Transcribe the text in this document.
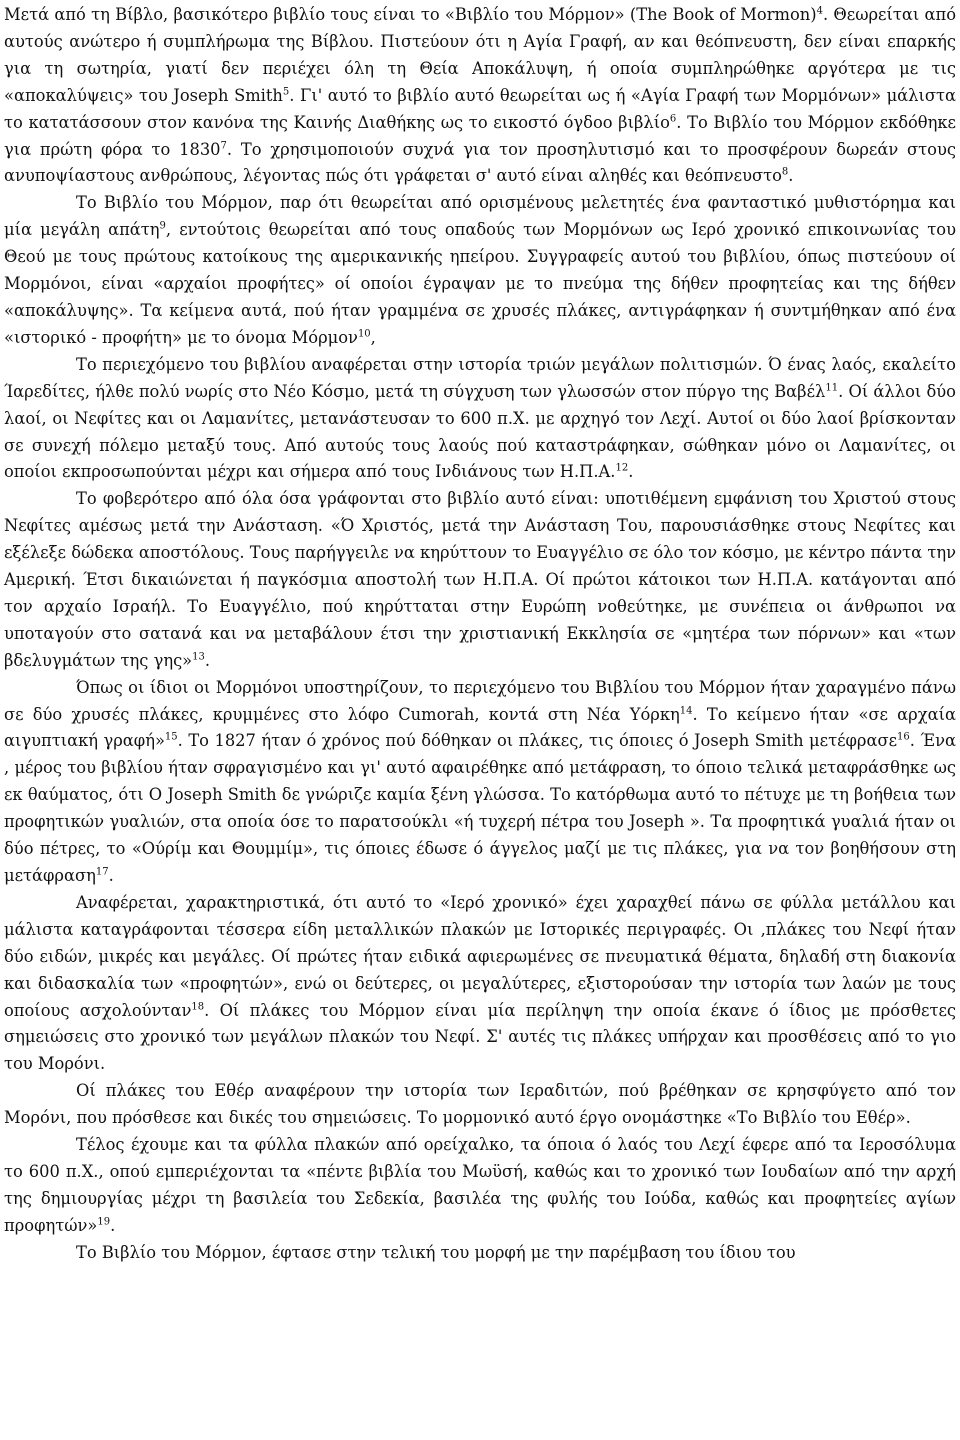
Μετά από τη Βίβλο, βασικότερο βιβλίο τους είναι το «Βιβλίο του Μόρμον» (The Book of Mormon)$^4$. Θεωρείται από αυτούς ανώτερο ή συμπλήρωμα της Βίβλου. Πιστεύουν ότι η Αγία Γραφή, αν και θεόπνευστη, δεν είναι επαρκής για τη σωτηρία, γιατί δεν περιέχει όλη τη Θεία Αποκάλυψη, ή οποία συμπληρώθηκε αργότερα με τις «αποκαλύψεις» του Joseph Smith$^5$. Γι' αυτό το βιβλίο αυτό θεωρείται ως ή «Αγία Γραφή των Μορμόνων» μάλιστα το κατατάσσουν στον κανόνα της Καινής Διαθήκης ως το εικοστό όγδοο βιβλίο$^6$. Το Βιβλίο του Μόρμον εκδόθηκε για πρώτη φόρα το 1830$^7$. Το χρησιμοποιούν συχνά για τον προσηλυτισμό και το προσφέρουν δωρεάν στους ανυποψίαστους ανθρώπους, λέγοντας πώς ότι γράφεται σ' αυτό είναι αληθές και θεόπνευστο$^8$.

Το Βιβλίο του Μόρμον, παρ ότι θεωρείται από ορισμένους μελετητές ένα φανταστικό μυθιστόρημα και μία μεγάλη απάτη$^9$, εντούτοις θεωρείται από τους οπαδούς των Μορμόνων ως Ιερό χρονικό επικοινωνίας του Θεού με τους πρώτους κατοίκους της αμερικανικής ηπείρου. Συγγραφείς αυτού του βιβλίου, όπως πιστεύουν οί Μορμόνοι, είναι «αρχαίοι προφήτες» οί οποίοι έγραψαν με το πνεύμα της δήθεν προφητείας και της δήθεν «αποκάλυψης». Τα κείμενα αυτά, πού ήταν γραμμένα σε χρυσές πλάκες, αντιγράφηκαν ή συντμήθηκαν από ένα «ιστορικό - προφήτη» με το όνομα Μόρμον$^{10}$,

Το περιεχόμενο του βιβλίου αναφέρεται στην ιστορία τριών μεγάλων πολιτισμών. Ό ένας λαός, εκαλείτο Ίαρεδίτες, ήλθε πολύ νωρίς στο Νέο Κόσμο, μετά τη σύγχυση των γλωσσών στον πύργο της Βαβέλ$^{11}$. Οί άλλοι δύο λαοί, οι Νεφίτες και οι Λαμανίτες, μετανάστευσαν το 600 π.Χ. με αρχηγό τον Λεχί. Αυτοί οι δύο λαοί βρίσκονταν σε συνεχή πόλεμο μεταξύ τους. Από αυτούς τους λαούς πού καταστράφηκαν, σώθηκαν μόνο οι Λαμανίτες, οι οποίοι εκπροσωπούνται μέχρι και σήμερα από τους Ινδιάνους των Η.Π.Α.$^{12}$.

Το φοβερότερο από όλα όσα γράφονται στο βιβλίο αυτό είναι: υποτιθέμενη εμφάνιση του Χριστού στους Νεφίτες αμέσως μετά την Ανάσταση. «Ό Χριστός, μετά την Ανάσταση Του, παρουσιάσθηκε στους Νεφίτες και εξέλεξε δώδεκα αποστόλους. Τους παρήγγειλε να κηρύττουν το Ευαγγέλιο σε όλο τον κόσμο, με κέντρο πάντα την Αμερική. Έτσι δικαιώνεται ή παγκόσμια αποστολή των Η.Π.Α. Οί πρώτοι κάτοικοι των Η.Π.Α. κατάγονται από τον αρχαίο Ισραήλ. Το Ευαγγέλιο, πού κηρύτταται στην Ευρώπη νοθεύτηκε, με συνέπεια οι άνθρωποι να υποταγούν στο σατανά και να μεταβάλουν έτσι την χριστιανική Εκκλησία σε «μητέρα των πόρνων» και «των βδελυγμάτων της γης»$^{13}$.

Όπως οι ίδιοι οι Μορμόνοι υποστηρίζουν, το περιεχόμενο του Βιβλίου του Μόρμον ήταν χαραγμένο πάνω σε δύο χρυσές πλάκες, κρυμμένες στο λόφο Cumorah, κοντά στη Νέα Υόρκη$^{14}$. Το κείμενο ήταν «σε αρχαία αιγυπτιακή γραφή»$^{15}$. Το 1827 ήταν ό χρόνος πού δόθηκαν οι πλάκες, τις όποιες ό Joseph Smith μετέφρασε$^{16}$. Ένα , μέρος του βιβλίου ήταν σφραγισμένο και γι' αυτό αφαιρέθηκε από μετάφραση, το όποιο τελικά μεταφράσθηκε ως εκ θαύματος, ότι O Joseph Smith δε γνώριζε καμία ξένη γλώσσα. Το κατόρθωμα αυτό το πέτυχε με τη βοήθεια των προφητικών γυαλιών, στα οποία όσε το παρατσούκλι «ή τυχερή πέτρα του Joseph ». Τα προφητικά γυαλιά ήταν οι δύο πέτρες, το «Ούρίμ και Θουμμίμ», τις όποιες έδωσε ό άγγελος μαζί με τις πλάκες, για να τον βοηθήσουν στη μετάφραση$^{17}$.

Αναφέρεται, χαρακτηριστικά, ότι αυτό το «Ιερό χρονικό» έχει χαραχθεί πάνω σε φύλλα μετάλλου και μάλιστα καταγράφονται τέσσερα είδη μεταλλικών πλακών με Ιστορικές περιγραφές. Οι ,πλάκες του Νεφί ήταν δύο ειδών, μικρές και μεγάλες. Οί πρώτες ήταν ειδικά αφιερωμένες σε πνευματικά θέματα, δηλαδή στη διακονία και διδασκαλία των «προφητών», ενώ οι δεύτερες, οι μεγαλύτερες, εξιστορούσαν την ιστορία των λαών με τους οποίους ασχολούνταν$^{18}$. Οί πλάκες του Μόρμον είναι μία περίληψη την οποία έκανε ό ίδιος με πρόσθετες σημειώσεις στο χρονικό των μεγάλων πλακών του Νεφί. Σ' αυτές τις πλάκες υπήρχαν και προσθέσεις από το γιο του Μορόνι.

Οί πλάκες του Εθέρ αναφέρουν την ιστορία των Ιεραδιτών, πού βρέθηκαν σε κρησφύγετο από τον Μορόνι, που πρόσθεσε και δικές του σημειώσεις. Το μορμονικό αυτό έργο ονομάστηκε «Το Βιβλίο του Εθέρ».

Τέλος έχουμε και τα φύλλα πλακών από ορείχαλκο, τα όποια ό λαός του Λεχί έφερε από τα Ιεροσόλυμα το 600 π.Χ., οπού εμπεριέχονται τα «πέντε βιβλία του Μωϋσή, καθώς και το χρονικό των Ιουδαίων από την αρχή της δημιουργίας μέχρι τη βασιλεία του Σεδεκία, βασιλέα της φυλής του Ιούδα, καθώς και προφητείες αγίων προφητών»$^{19}$.

Το Βιβλίο του Μόρμον, έφτασε στην τελική του μορφή με την παρέμβαση του ίδιου του
